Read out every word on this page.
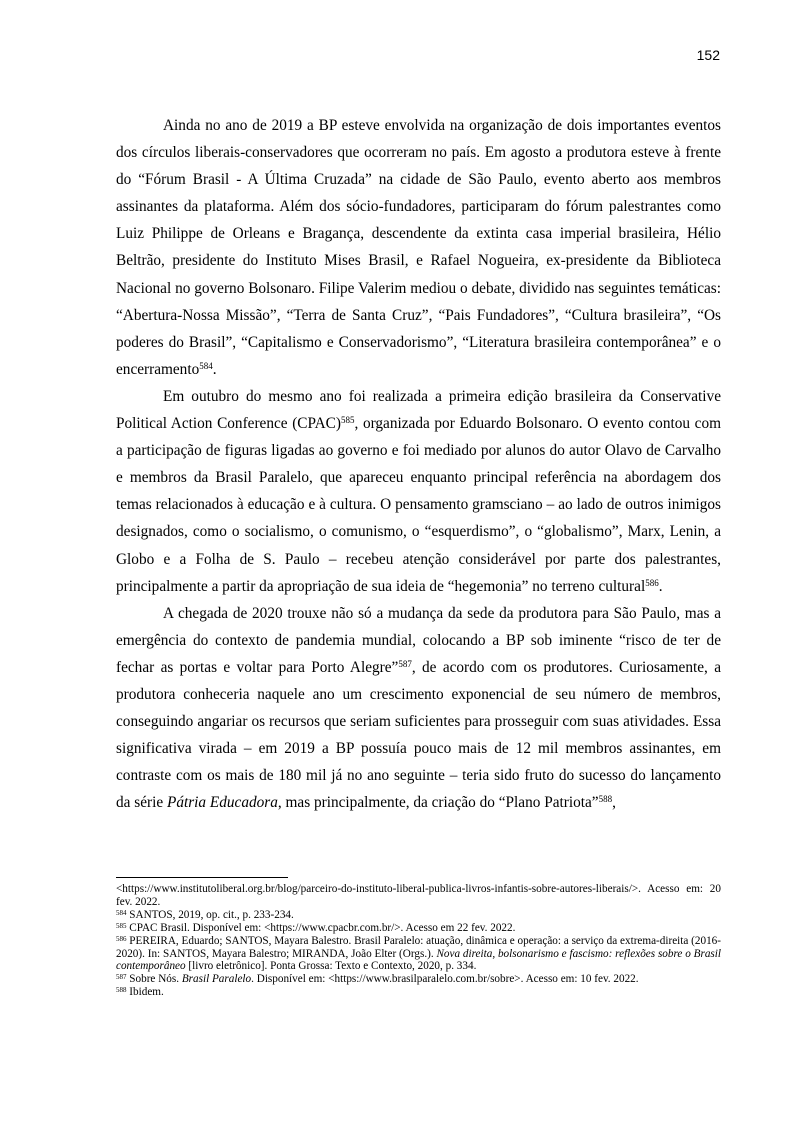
152

Ainda no ano de 2019 a BP esteve envolvida na organização de dois importantes eventos dos círculos liberais-conservadores que ocorreram no país. Em agosto a produtora esteve à frente do “Fórum Brasil - A Última Cruzada” na cidade de São Paulo, evento aberto aos membros assinantes da plataforma. Além dos sócio-fundadores, participaram do fórum palestrantes como Luiz Philippe de Orleans e Bragança, descendente da extinta casa imperial brasileira, Hélio Beltrão, presidente do Instituto Mises Brasil, e Rafael Nogueira, ex-presidente da Biblioteca Nacional no governo Bolsonaro. Filipe Valerim mediou o debate, dividido nas seguintes temáticas: “Abertura-Nossa Missão”, “Terra de Santa Cruz”, “Pais Fundadores”, “Cultura brasileira”, “Os poderes do Brasil”, “Capitalismo e Conservadorismo”, “Literatura brasileira contemporânea” e o encerramento$^{584}$.

Em outubro do mesmo ano foi realizada a primeira edição brasileira da Conservative Political Action Conference (CPAC)$^{585}$, organizada por Eduardo Bolsonaro. O evento contou com a participação de figuras ligadas ao governo e foi mediado por alunos do autor Olavo de Carvalho e membros da Brasil Paralelo, que apareceu enquanto principal referência na abordagem dos temas relacionados à educação e à cultura. O pensamento gramsciano – ao lado de outros inimigos designados, como o socialismo, o comunismo, o “esquerdismo”, o “globalismo”, Marx, Lenin, a Globo e a Folha de S. Paulo – recebeu atenção considerável por parte dos palestrantes, principalmente a partir da apropriação de sua ideia de “hegemonia” no terreno cultural$^{586}$.

A chegada de 2020 trouxe não só a mudança da sede da produtora para São Paulo, mas a emergência do contexto de pandemia mundial, colocando a BP sob iminente “risco de ter de fechar as portas e voltar para Porto Alegre”$^{587}$, de acordo com os produtores. Curiosamente, a produtora conheceria naquele ano um crescimento exponencial de seu número de membros, conseguindo angariar os recursos que seriam suficientes para prosseguir com suas atividades. Essa significativa virada – em 2019 a BP possuía pouco mais de 12 mil membros assinantes, em contraste com os mais de 180 mil já no ano seguinte – teria sido fruto do sucesso do lançamento da série Pátria Educadora, mas principalmente, da criação do “Plano Patriota”$^{588}$,

<https://www.institutoliberal.org.br/blog/parceiro-do-instituto-liberal-publica-livros-infantis-sobre-autores-liberais/>. Acesso em: 20 fev. 2022.

$^{584}$ SANTOS, 2019, op. cit., p. 233-234.

$^{585}$ CPAC Brasil. Disponível em: <https://www.cpacbr.com.br/>. Acesso em 22 fev. 2022.

$^{586}$ PEREIRA, Eduardo; SANTOS, Mayara Balestro. Brasil Paralelo: atuação, dinâmica e operação: a serviço da extrema-direita (2016-2020). In: SANTOS, Mayara Balestro; MIRANDA, João Elter (Orgs.). Nova direita, bolsonarismo e fascismo: reflexões sobre o Brasil contemporâneo [livro eletrônico]. Ponta Grossa: Texto e Contexto, 2020, p. 334.

$^{587}$ Sobre Nós. Brasil Paralelo. Disponível em: <https://www.brasilparalelo.com.br/sobre>. Acesso em: 10 fev. 2022.

$^{588}$ Ibidem.
